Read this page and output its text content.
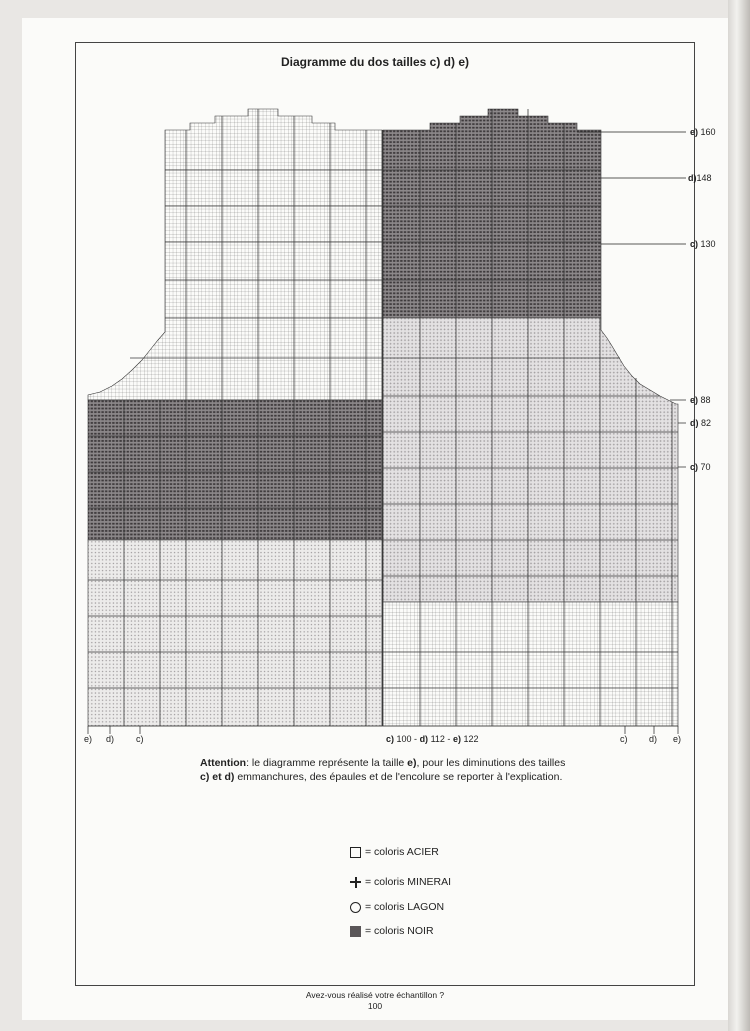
Diagramme du dos tailles c) d) e)
e) 160
d)148
c) 130
e) 88
d) 82
c) 70
e) d) c)	c) 100 - d) 112 - e) 122	c) d) e)
Attention: le diagramme représente la taille e), pour les diminutions des tailles
c) et d) emmanchures, des épaules et de l'encolure se reporter à l'explication.
= coloris ACIER
= coloris MINERAI
= coloris LAGON
= coloris NOIR
Avez-vous réalisé votre échantillon ?
100
